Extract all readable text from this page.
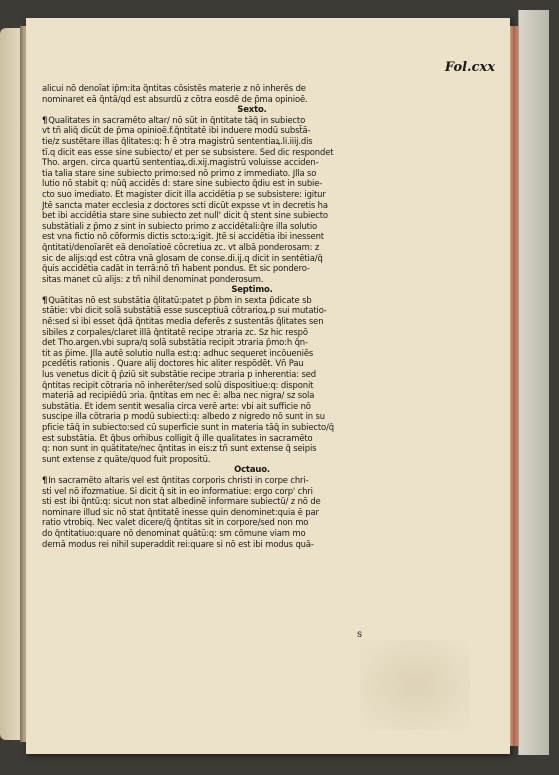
Fol.cxx
alicui nō denoīat ip̄m:ita q̄ntitas cōsistēs materie z nō inherēs de
nominaret eā q̄ntā/qḋ est absurdū z cōtra eosdē de p̄ma opinioē.
Sexto.
¶ Qualitates in sacramēto altar/ nō sūt in q̄ntitate tāq̄ in subiecto
vt tñ aliq̄ dicūt de p̄ma opinioē.f.q̄ntitatē ibi induere modū subst̄ā-
tie/z sustētare illas q̄litates:q: h̄ ē ɔtra magistrū sententiaꝝ.li.iiij.dis
tī.q dicit eas esse sine subiecto/ et per se subsistere. Sed dic respondet
Tho. argen. circa quartū sententiaꝝ.di.xij.magistrū voluisse acciden-
tia talia stare sine subiecto primo:sed nō primo z immediato. Jlla so
lutio nō stabit q: nūq̄ accidēs d: stare sine subiecto q̄diu est in subie-
cto suo imediato. Et magister dicit illa accidētia p se subsistere: igitur
Jtē sancta mater ecclesia z doctores scti dicūt expsse vt in decretis ha
bet ibi accidētia stare sine subiecto zet null' dicit q̄ stent sine subiecto
substātiali z p̄mo z sint in subiecto primo z accidētali:q̄re illa solutio
est vna fictio nō cōformis dictis scto:ꝝ:igit. Jtē si accidētia ibi inessent
q̄ntitati/denoīarēt eā denoīatioē cōcretiua zc. vt albā ponderosam: z
sic de alijs:qḋ est cōtra vnā glosam de conse.di.ij.q dicit in sentētia/q̄
q̄uis accidētia cadāt in terrā:nō tñ habent pondus. Et sic pondero-
sitas manet cū alijs: z tñ nihil denominat ponderosum.
Septimo.
¶ Quātitas nō est substātia q̄litatū:patet p p̄bm in sexta p̄dicate sb
stātie: vbi dicit solā substātiā esse susceptiuā cōtrarioꝝ.p sui mutatio-
nē:sed si ibi esset q̄dā q̄ntitas media deferēs z sustentās q̄litates sen
sibiles z corpales/claret illā q̄ntitatē recipe ɔtraria zc. Sz hic respō
det Tho.argen.vbi supra/q solā substātia recipit ɔtraria p̄mo:h q̄n-
tit as p̄ime. Jlla autē solutio nulla est:q: adhuc sequeret incōueniēs
pcedētis rationis . Quare alij doctores hic aliter respōdēt. Vñ Pau
lus venetus dicit q̄ p̄ziū sit substātie recipe ɔtraria p inherentia: sed
q̄ntitas recipit cōtraria nō inherēter/sed solū dispositiue:q: disponit
materiā ad recipiēdū ɔria. q̄ntitas em nec ē: alba nec nigra/ sz sola
substātia. Et idem sentit wesalia circa verē arte: vbi ait sufficie nō
suscipe illa cōtraria p modū subiecti:q: albedo z nigredo nō sunt in su
pficie tāq̄ in subiecto:sed cū superficie sunt in materia tāq̄ in subiecto/q̄
est substātia. Et q̄bus om̄ibus colligit q̄ ille qualitates in sacramēto
q: non sunt in quātitate/nec q̄ntitas in eis:z tñ sunt extense q̄ seipis
sunt extense z quāte/quod fuit propositū.
Octauo.
¶ In sacramēto altaris vel est q̄ntitas corporis christi in corpe chri-
sti vel nō ifozmatiue. Si dicit q̄ sit in eo informatiue: ergo corp' chri
sti est ibi q̄ntū:q: sicut non stat albedinē informare subiectū/ z nō de
nominare illud sic nō stat q̄ntitatē inesse quin denominet:quia ē par
ratio vtrobiq. Nec valet dicere/q̄ q̄ntitas sit in corpore/sed non mo
do q̄ntitatiuo:quare nō denominat quātū:q: sm cōmune viam mo
dernā modus rei nihil superaddit rei:quare si nō est ibi modus quā-
s
